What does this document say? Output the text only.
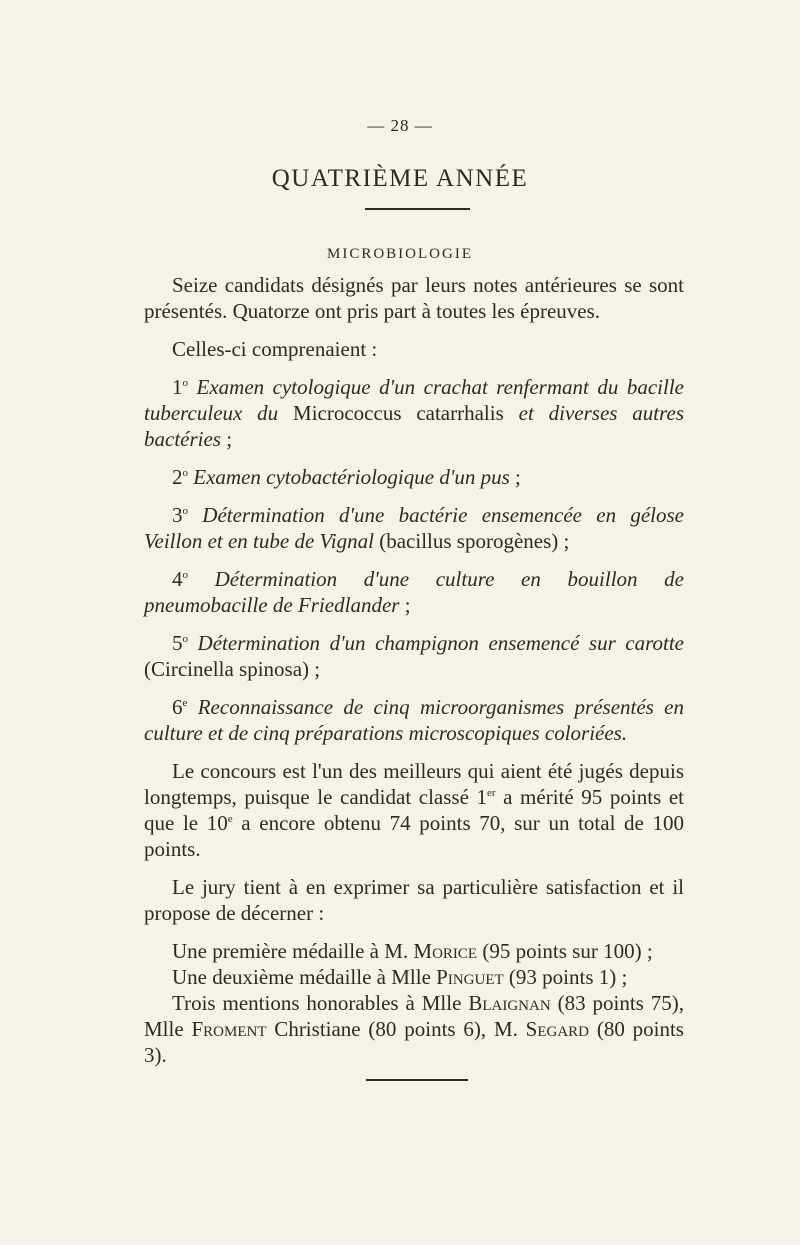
— 28 —
QUATRIÈME ANNÉE
MICROBIOLOGIE

Seize candidats désignés par leurs notes antérieures se sont présentés. Quatorze ont pris part à toutes les épreuves.

Celles-ci comprenaient :

1$^o$ Examen cytologique d'un crachat renfermant du bacille tuberculeux du Micrococcus catarrhalis et diverses autres bactéries ;

2$^o$ Examen cytobactériologique d'un pus ;

3$^o$ Détermination d'une bactérie ensemencée en gélose Veillon et en tube de Vignal (bacillus sporogènes) ;

4$^o$ Détermination d'une culture en bouillon de pneumobacille de Friedlander ;

5$^o$ Détermination d'un champignon ensemencé sur carotte (Circinella spinosa) ;

6e Reconnaissance de cinq microorganismes présentés en culture et de cinq préparations microscopiques coloriées.

Le concours est l'un des meilleurs qui aient été jugés depuis longtemps, puisque le candidat classé 1er a mérité 95 points et que le 10e a encore obtenu 74 points 70, sur un total de 100 points.

Le jury tient à en exprimer sa particulière satisfaction et il propose de décerner :

Une première médaille à M. Morice (95 points sur 100) ;

Une deuxième médaille à Mlle Pinguet (93 points 1) ;

Trois mentions honorables à Mlle Blaignan (83 points 75), Mlle Froment Christiane (80 points 6), M. Segard (80 points 3).
